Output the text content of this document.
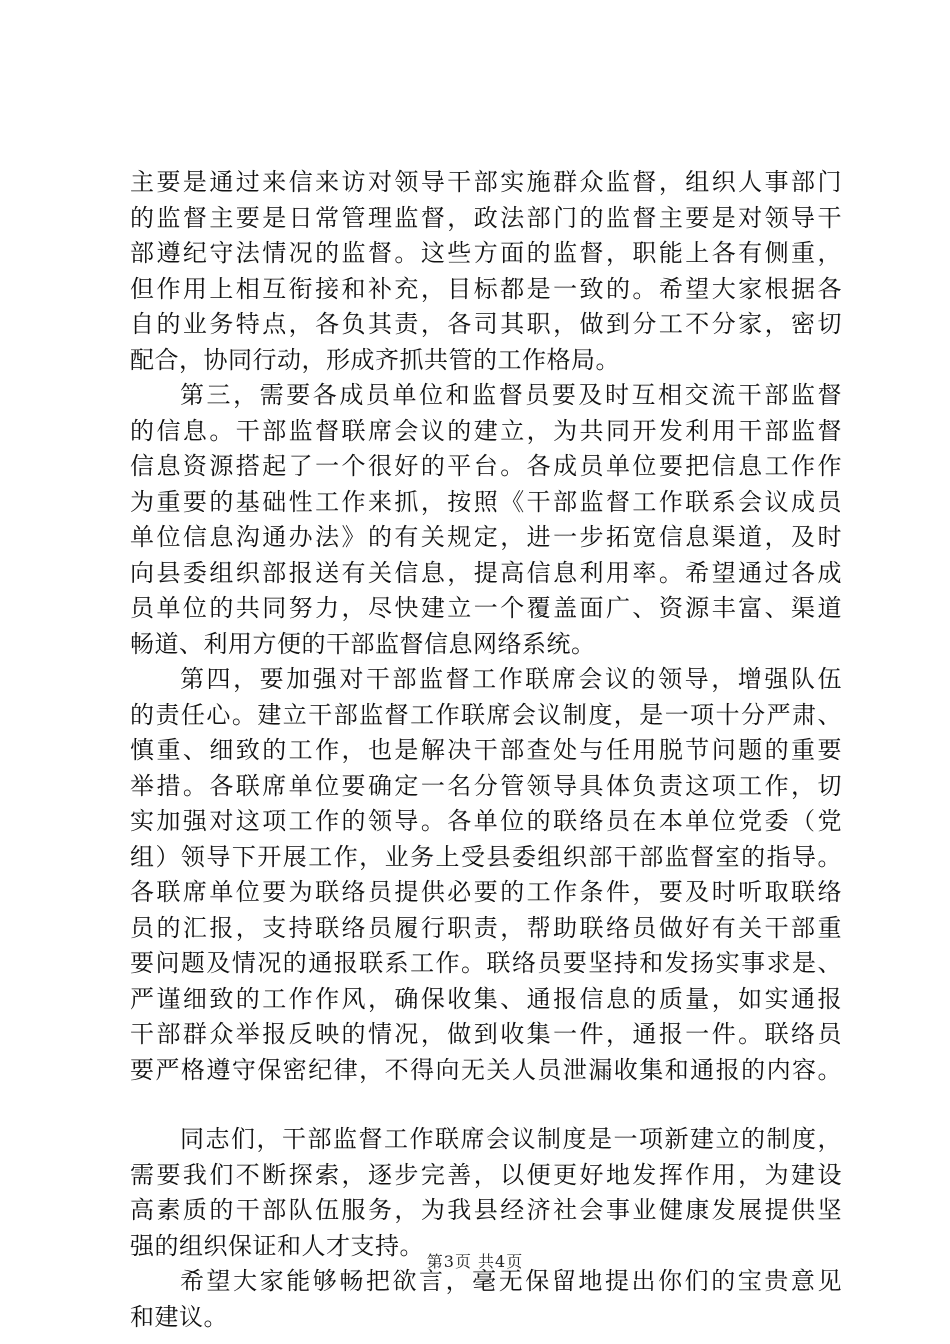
主要是通过来信来访对领导干部实施群众监督，组织人事部门
的监督主要是日常管理监督，政法部门的监督主要是对领导干
部遵纪守法情况的监督。这些方面的监督，职能上各有侧重，
但作用上相互衔接和补充，目标都是一致的。希望大家根据各
自的业务特点，各负其责，各司其职，做到分工不分家，密切
配合，协同行动，形成齐抓共管的工作格局。
第三，需要各成员单位和监督员要及时互相交流干部监督
的信息。干部监督联席会议的建立，为共同开发利用干部监督
信息资源搭起了一个很好的平台。各成员单位要把信息工作作
为重要的基础性工作来抓，按照《干部监督工作联系会议成员
单位信息沟通办法》的有关规定，进一步拓宽信息渠道，及时
向县委组织部报送有关信息，提高信息利用率。希望通过各成
员单位的共同努力，尽快建立一个覆盖面广、资源丰富、渠道
畅道、利用方便的干部监督信息网络系统。
第四，要加强对干部监督工作联席会议的领导，增强队伍
的责任心。建立干部监督工作联席会议制度，是一项十分严肃、
慎重、细致的工作，也是解决干部查处与任用脱节问题的重要
举措。各联席单位要确定一名分管领导具体负责这项工作，切
实加强对这项工作的领导。各单位的联络员在本单位党委（党
组）领导下开展工作，业务上受县委组织部干部监督室的指导。
各联席单位要为联络员提供必要的工作条件，要及时听取联络
员的汇报，支持联络员履行职责，帮助联络员做好有关干部重
要问题及情况的通报联系工作。联络员要坚持和发扬实事求是、
严谨细致的工作作风，确保收集、通报信息的质量，如实通报
干部群众举报反映的情况，做到收集一件，通报一件。联络员
要严格遵守保密纪律，不得向无关人员泄漏收集和通报的内容。
同志们，干部监督工作联席会议制度是一项新建立的制度，
需要我们不断探索，逐步完善，以便更好地发挥作用，为建设
高素质的干部队伍服务，为我县经济社会事业健康发展提供坚
强的组织保证和人才支持。
希望大家能够畅把欲言，毫无保留地提出你们的宝贵意见
和建议。
第3页 共4页
